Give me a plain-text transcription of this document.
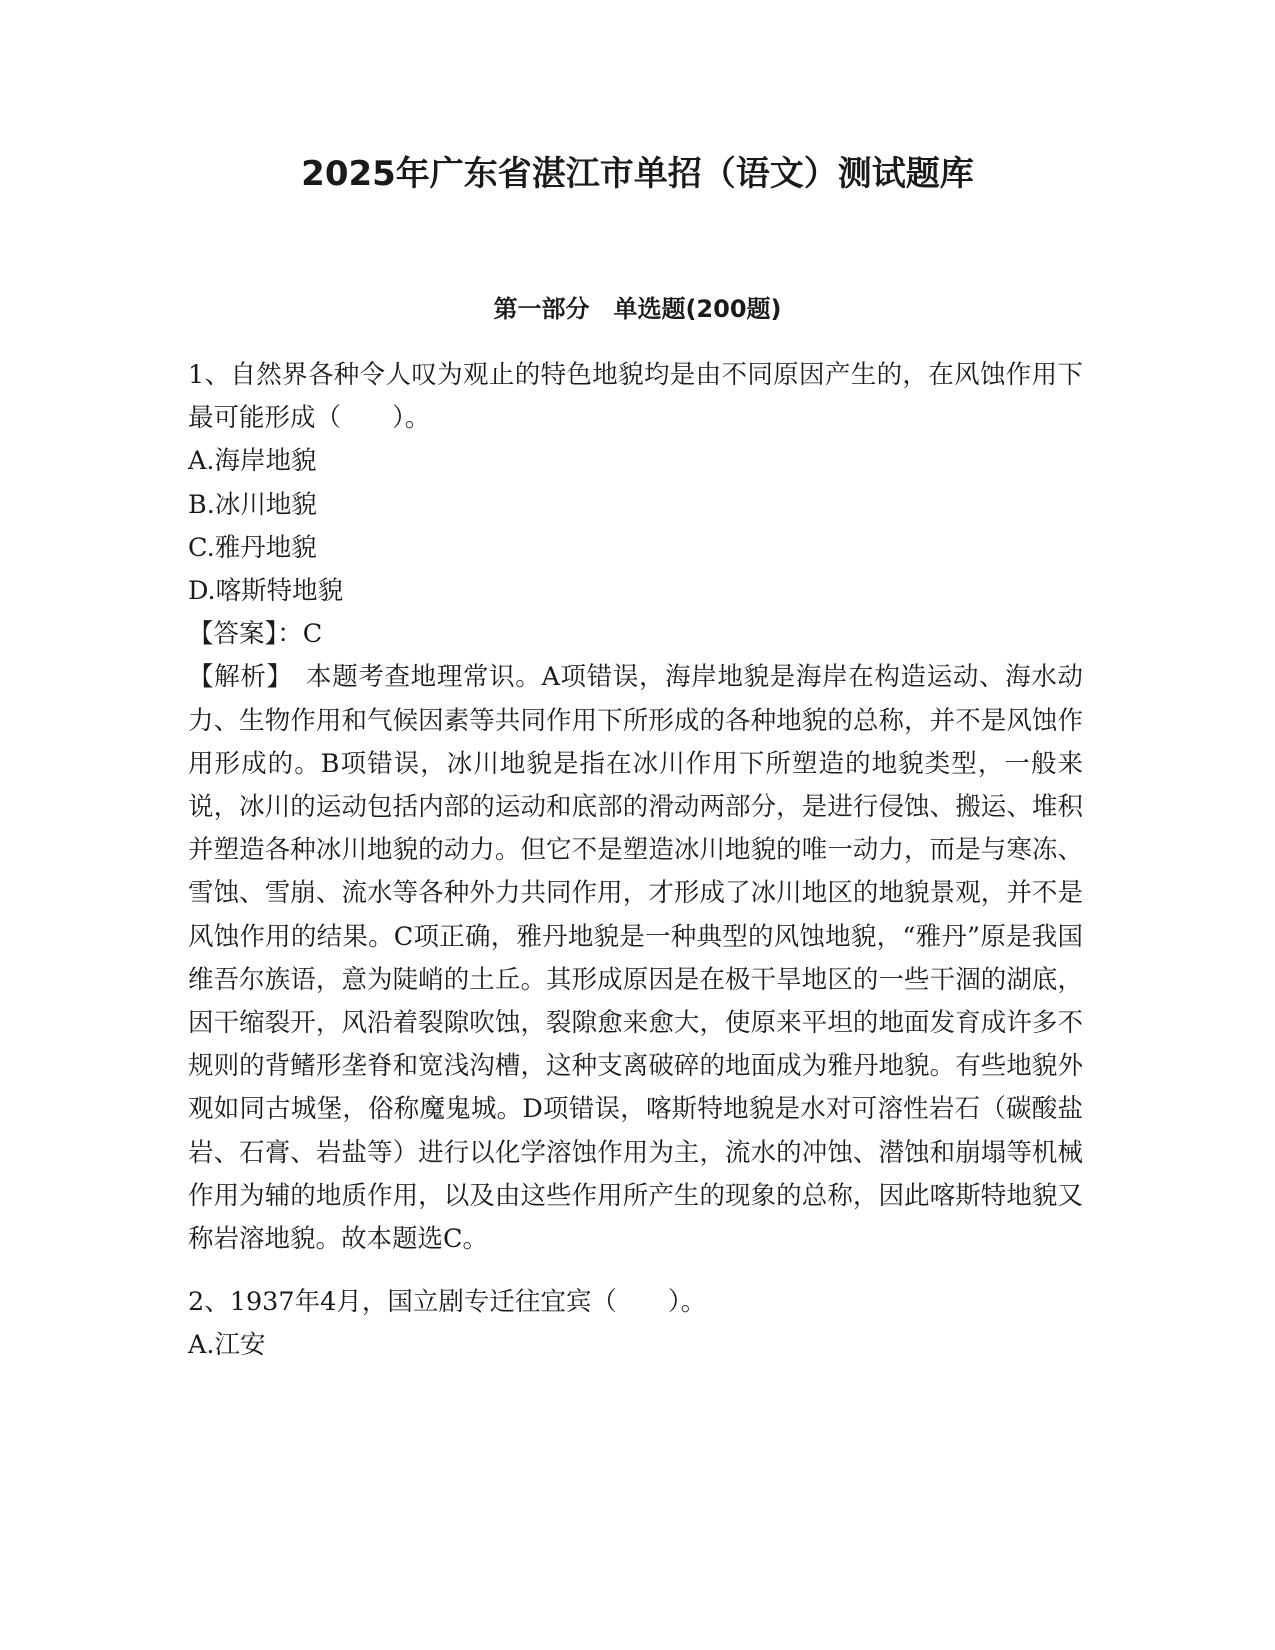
2025年广东省湛江市单招（语文）测试题库
第一部分　单选题(200题)

1、自然界各种令人叹为观止的特色地貌均是由不同原因产生的，在风蚀作用下最可能形成（　　）。

A.海岸地貌

B.冰川地貌

C.雅丹地貌

D.喀斯特地貌

【答案】：C

【解析】　本题考查地理常识。A项错误，海岸地貌是海岸在构造运动、海水动力、生物作用和气候因素等共同作用下所形成的各种地貌的总称，并不是风蚀作用形成的。B项错误，冰川地貌是指在冰川作用下所塑造的地貌类型，一般来说，冰川的运动包括内部的运动和底部的滑动两部分，是进行侵蚀、搬运、堆积并塑造各种冰川地貌的动力。但它不是塑造冰川地貌的唯一动力，而是与寒冻、雪蚀、雪崩、流水等各种外力共同作用，才形成了冰川地区的地貌景观，并不是风蚀作用的结果。C项正确，雅丹地貌是一种典型的风蚀地貌，“雅丹”原是我国维吾尔族语，意为陡峭的土丘。其形成原因是在极干旱地区的一些干涸的湖底，因干缩裂开，风沿着裂隙吹蚀，裂隙愈来愈大，使原来平坦的地面发育成许多不规则的背鳍形垄脊和宽浅沟槽，这种支离破碎的地面成为雅丹地貌。有些地貌外观如同古城堡，俗称魔鬼城。D项错误，喀斯特地貌是水对可溶性岩石（碳酸盐岩、石膏、岩盐等）进行以化学溶蚀作用为主，流水的冲蚀、潜蚀和崩塌等机械作用为辅的地质作用，以及由这些作用所产生的现象的总称，因此喀斯特地貌又称岩溶地貌。故本题选C。

2、1937年4月，国立剧专迁往宜宾（　　）。

A.江安
